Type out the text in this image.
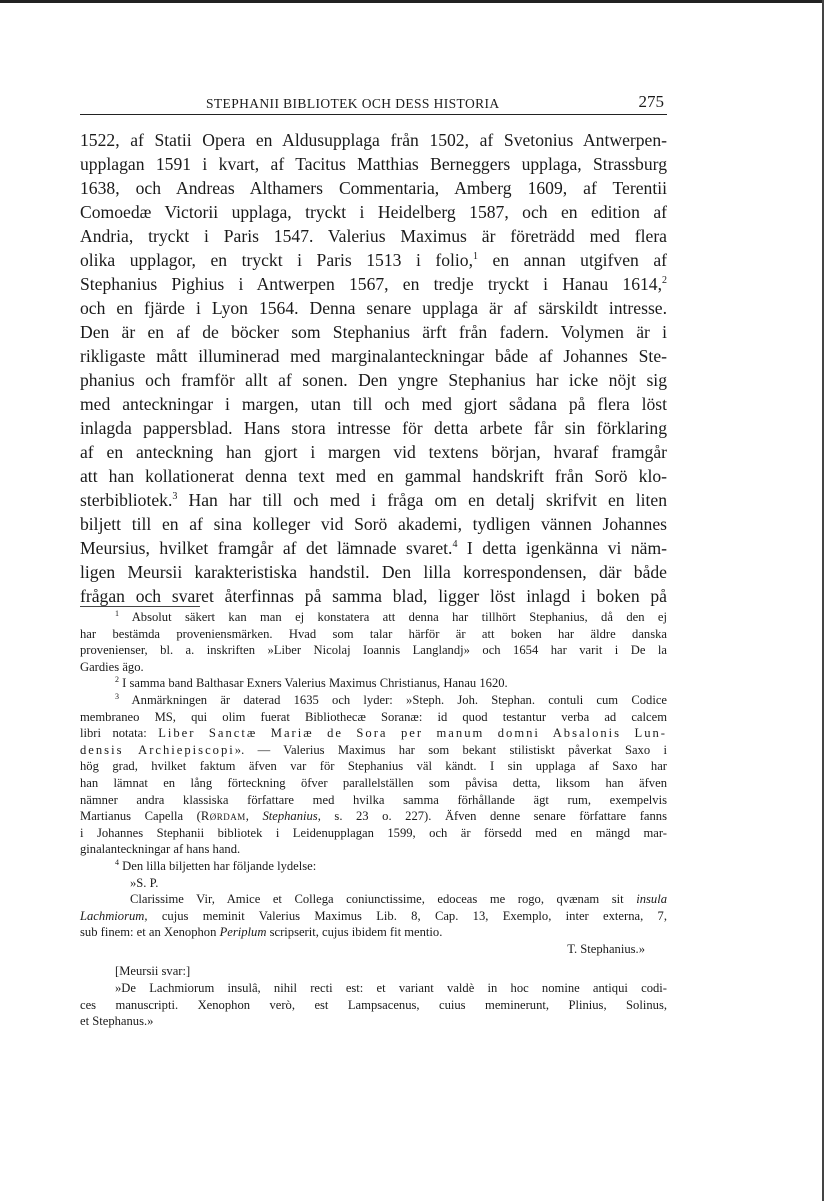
STEPHANII BIBLIOTEK OCH DESS HISTORIA	275
1522, af Statii Opera en Aldusupplaga från 1502, af Svetonius Antwerpen-
upplagan 1591 i kvart, af Tacitus Matthias Berneggers upplaga, Strassburg
1638, och Andreas Althamers Commentaria, Amberg 1609, af Terentii
Comoedæ Victorii upplaga, tryckt i Heidelberg 1587, och en edition af
Andria, tryckt i Paris 1547. Valerius Maximus är företrädd med flera
olika upplagor, en tryckt i Paris 1513 i folio,$^1$ en annan utgifven af
Stephanius Pighius i Antwerpen 1567, en tredje tryckt i Hanau 1614,$^2$
och en fjärde i Lyon 1564. Denna senare upplaga är af särskildt intresse.
Den är en af de böcker som Stephanius ärft från fadern. Volymen är i
rikligaste mått illuminerad med marginalanteckningar både af Johannes Ste-
phanius och framför allt af sonen. Den yngre Stephanius har icke nöjt sig
med anteckningar i margen, utan till och med gjort sådana på flera löst
inlagda pappersblad. Hans stora intresse för detta arbete får sin förklaring
af en anteckning han gjort i margen vid textens början, hvaraf framgår
att han kollationerat denna text med en gammal handskrift från Sorö klo-
sterbibliotek.$^3$ Han har till och med i fråga om en detalj skrifvit en liten
biljett till en af sina kolleger vid Sorö akademi, tydligen vännen Johannes
Meursius, hvilket framgår af det lämnade svaret.$^4$ I detta igenkänna vi näm-
ligen Meursii karakteristiska handstil. Den lilla korrespondensen, där både
frågan och svaret återfinnas på samma blad, ligger löst inlagd i boken på
$^1$ Absolut säkert kan man ej konstatera att denna har tillhört Stephanius, då den ej
har bestämda proveniensmärken. Hvad som talar härför är att boken har äldre danska
provenienser, bl. a. inskriften »Liber Nicolaj Ioannis Langlandj» och 1654 har varit i De la
Gardies ägo.
$^2$ I samma band Balthasar Exners Valerius Maximus Christianus, Hanau 1620.
$^3$ Anmärkningen är daterad 1635 och lyder: »Steph. Joh. Stephan. contuli cum Codice
membraneo MS, qui olim fuerat Bibliothecæ Soranæ: id quod testantur verba ad calcem
libri notata: Liber Sanctæ Mariæ de Sora per manum domni Absalonis Lun-
densis Archiepiscopi». — Valerius Maximus har som bekant stilistiskt påverkat Saxo i
hög grad, hvilket faktum äfven var för Stephanius väl kändt. I sin upplaga af Saxo har
han lämnat en lång förteckning öfver parallelställen som påvisa detta, liksom han äfven
nämner andra klassiska författare med hvilka samma förhållande ägt rum, exempelvis
Martianus Capella (Rørdam, Stephanius, s. 23 o. 227). Äfven denne senare författare fanns
i Johannes Stephanii bibliotek i Leidenupplagan 1599, och är försedd med en mängd mar-
ginalanteckningar af hans hand.
$^4$ Den lilla biljetten har följande lydelse:
»S. P.
Clarissime Vir, Amice et Collega coniunctissime, edoceas me rogo, qvænam sit insula
Lachmiorum, cujus meminit Valerius Maximus Lib. 8, Cap. 13, Exemplo, inter externa, 7,
sub finem: et an Xenophon Periplum scripserit, cujus ibidem fit mentio.
T. Stephanius.»
[Meursii svar:]
»De Lachmiorum insulâ, nihil recti est: et variant valdè in hoc nomine antiqui codi-
ces manuscripti. Xenophon verò, est Lampsacenus, cuius meminerunt, Plinius, Solinus,
et Stephanus.»
